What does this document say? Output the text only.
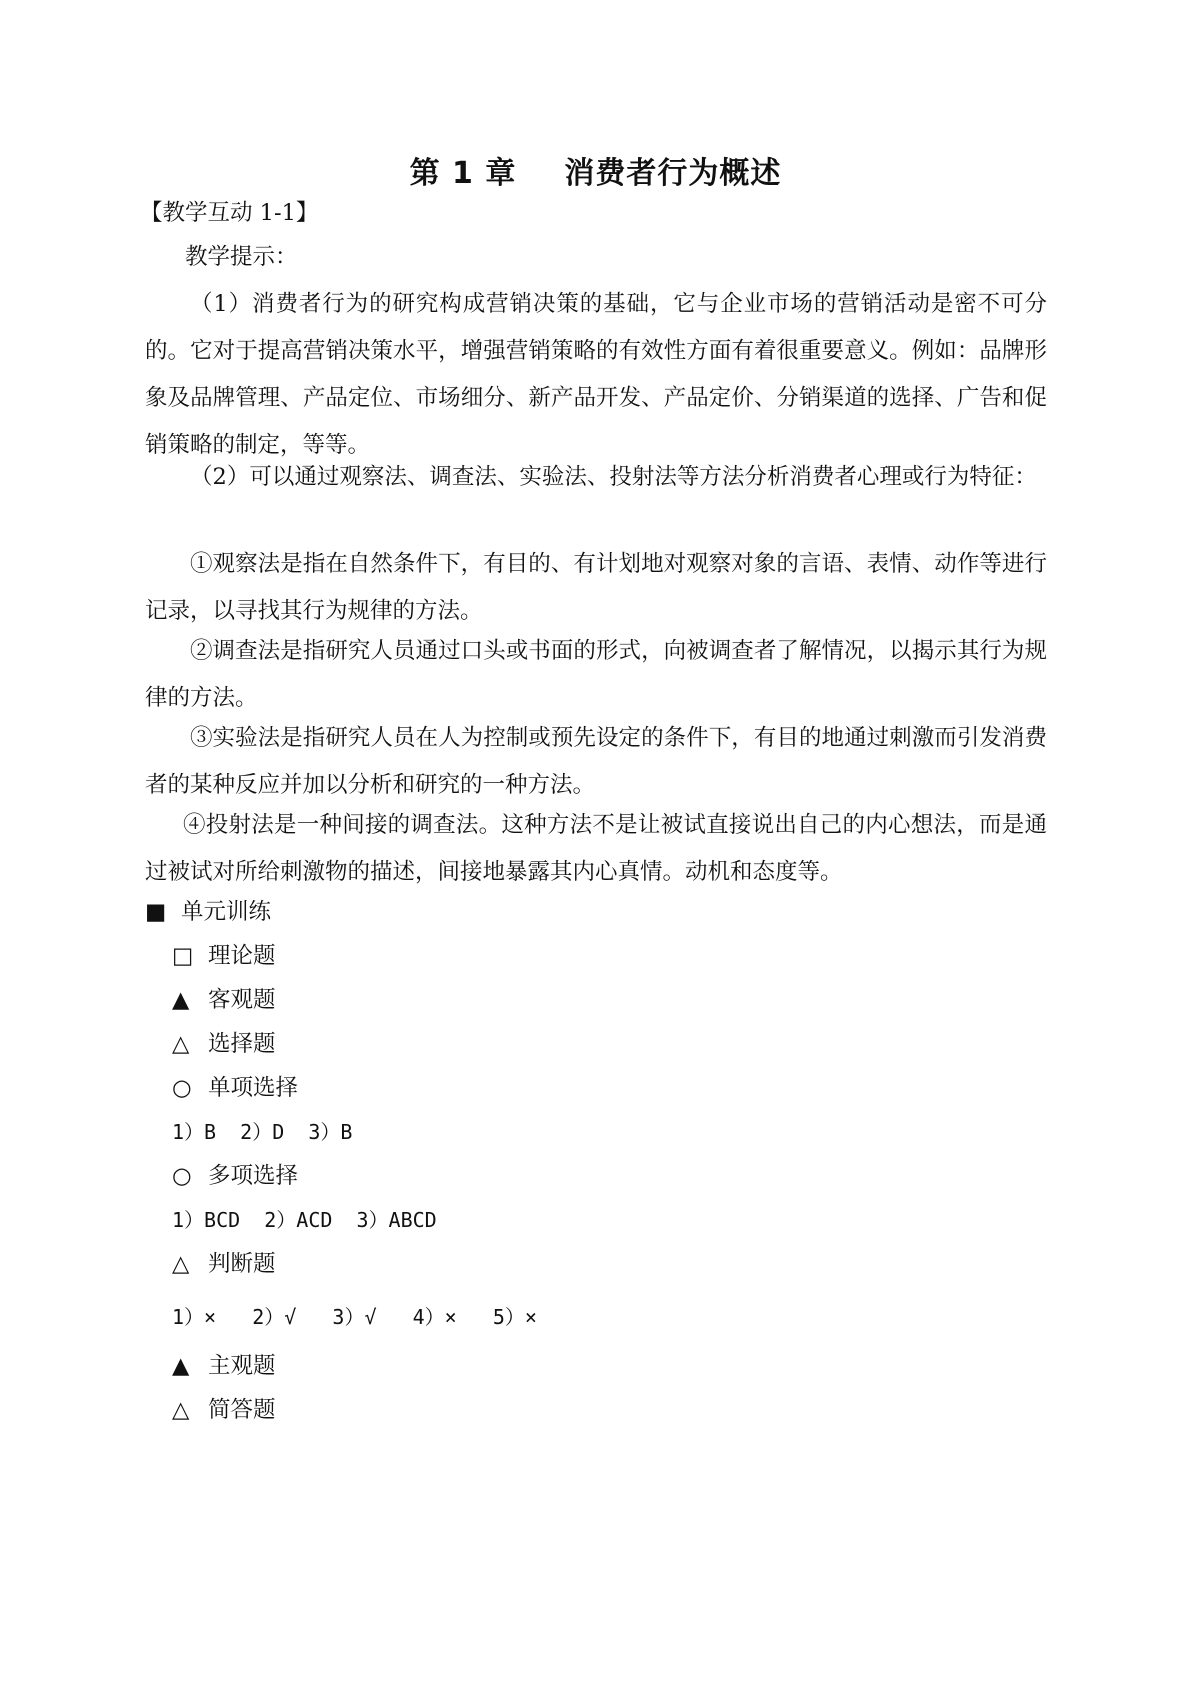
第 1 章 消费者行为概述
【教学互动 1-1】
教学提示：

（1）消费者行为的研究构成营销决策的基础，它与企业市场的营销活动是密不可分的。它对于提高营销决策水平，增强营销策略的有效性方面有着很重要意义。例如：品牌形象及品牌管理、产品定位、市场细分、新产品开发、产品定价、分销渠道的选择、广告和促销策略的制定，等等。

（2）可以通过观察法、调查法、实验法、投射法等方法分析消费者心理或行为特征：

①观察法是指在自然条件下，有目的、有计划地对观察对象的言语、表情、动作等进行记录，以寻找其行为规律的方法。

②调查法是指研究人员通过口头或书面的形式，向被调查者了解情况，以揭示其行为规律的方法。

③实验法是指研究人员在人为控制或预先设定的条件下，有目的地通过刺激而引发消费者的某种反应并加以分析和研究的一种方法。

④投射法是一种间接的调查法。这种方法不是让被试直接说出自己的内心想法，而是通过被试对所给刺激物的描述，间接地暴露其内心真情。动机和态度等。

■ 单元训练
□ 理论题
▲ 客观题
△ 选择题
○ 单项选择
1）B  2）D  3）B
○ 多项选择
1）BCD  2）ACD  3）ABCD
△ 判断题
1）×   2）√   3）√   4）×   5）×
▲ 主观题
△ 简答题
